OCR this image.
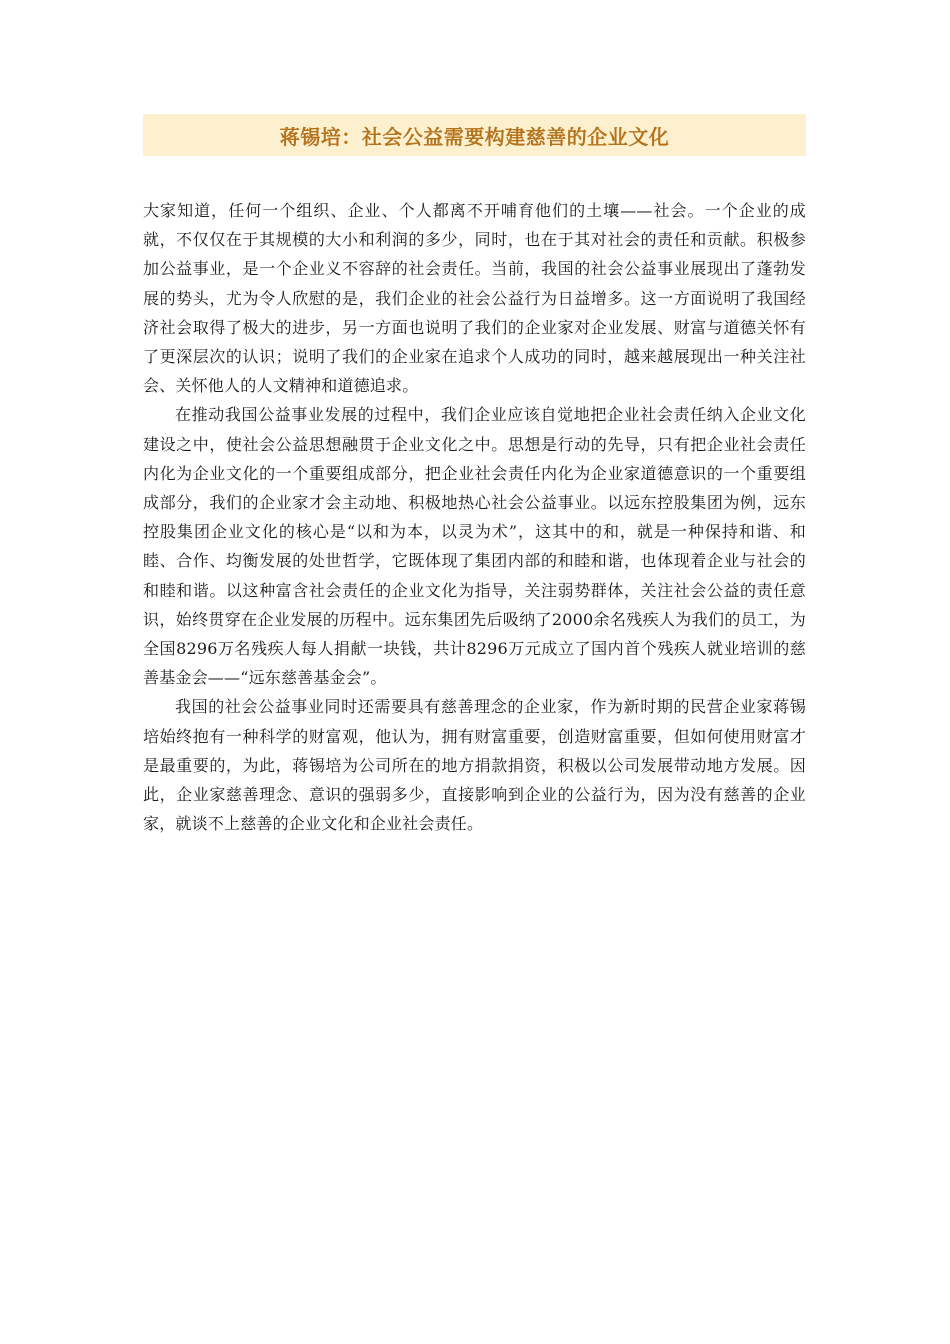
蒋锡培：社会公益需要构建慈善的企业文化

大家知道，任何一个组织、企业、个人都离不开哺育他们的土壤——社会。一个企业的成就，不仅仅在于其规模的大小和利润的多少，同时，也在于其对社会的责任和贡献。积极参加公益事业，是一个企业义不容辞的社会责任。当前，我国的社会公益事业展现出了蓬勃发展的势头，尤为令人欣慰的是，我们企业的社会公益行为日益增多。这一方面说明了我国经济社会取得了极大的进步，另一方面也说明了我们的企业家对企业发展、财富与道德关怀有了更深层次的认识；说明了我们的企业家在追求个人成功的同时，越来越展现出一种关注社会、关怀他人的人文精神和道德追求。

在推动我国公益事业发展的过程中，我们企业应该自觉地把企业社会责任纳入企业文化建设之中，使社会公益思想融贯于企业文化之中。思想是行动的先导，只有把企业社会责任内化为企业文化的一个重要组成部分，把企业社会责任内化为企业家道德意识的一个重要组成部分，我们的企业家才会主动地、积极地热心社会公益事业。以远东控股集团为例，远东控股集团企业文化的核心是“以和为本，以灵为术”，这其中的和，就是一种保持和谐、和睦、合作、均衡发展的处世哲学，它既体现了集团内部的和睦和谐，也体现着企业与社会的和睦和谐。以这种富含社会责任的企业文化为指导，关注弱势群体，关注社会公益的责任意识，始终贯穿在企业发展的历程中。远东集团先后吸纳了2000余名残疾人为我们的员工，为全国8296万名残疾人每人捐献一块钱，共计8296万元成立了国内首个残疾人就业培训的慈善基金会——“远东慈善基金会”。

我国的社会公益事业同时还需要具有慈善理念的企业家，作为新时期的民营企业家蒋锡培始终抱有一种科学的财富观，他认为，拥有财富重要，创造财富重要，但如何使用财富才是最重要的，为此，蒋锡培为公司所在的地方捐款捐资，积极以公司发展带动地方发展。因此，企业家慈善理念、意识的强弱多少，直接影响到企业的公益行为，因为没有慈善的企业家，就谈不上慈善的企业文化和企业社会责任。
